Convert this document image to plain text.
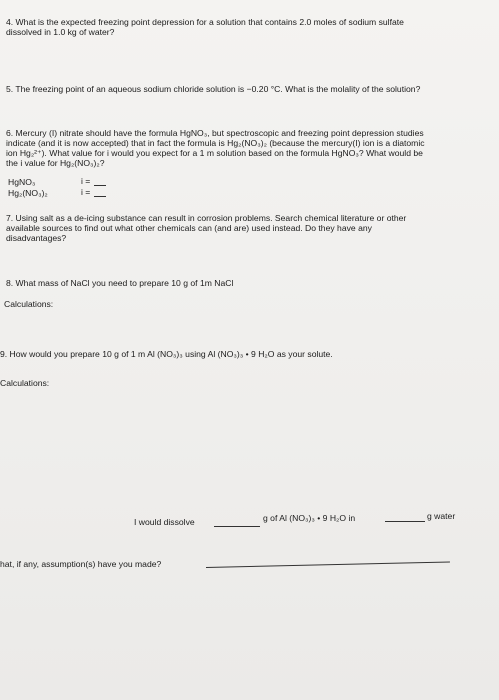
4. What is the expected freezing point depression for a solution that contains 2.0 moles of sodium sulfate
dissolved in 1.0 kg of water?
5. The freezing point of an aqueous sodium chloride solution is −0.20 °C. What is the molality of the solution?
6. Mercury (I) nitrate should have the formula HgNO₃, but spectroscopic and freezing point depression studies
indicate (and it is now accepted) that in fact the formula is Hg₂(NO₃)₂ (because the mercury(I) ion is a diatomic
ion Hg₂²⁺). What value for i would you expect for a 1 m solution based on the formula HgNO₃? What would be
the i value for Hg₂(NO₃)₂?
HgNO₃
Hg₂(NO₃)₂
i =
i =
7. Using salt as a de-icing substance can result in corrosion problems. Search chemical literature or other
available sources to find out what other chemicals can (and are) used instead. Do they have any
disadvantages?
8. What mass of NaCl you need to prepare 10 g of 1m NaCl
Calculations:
9. How would you prepare 10 g of 1 m Al (NO₃)₃ using Al (NO₃)₃ • 9 H₂O as your solute.
Calculations:
I would dissolve	g of Al (NO₃)₃ • 9 H₂O in	g water
hat, if any, assumption(s) have you made?
